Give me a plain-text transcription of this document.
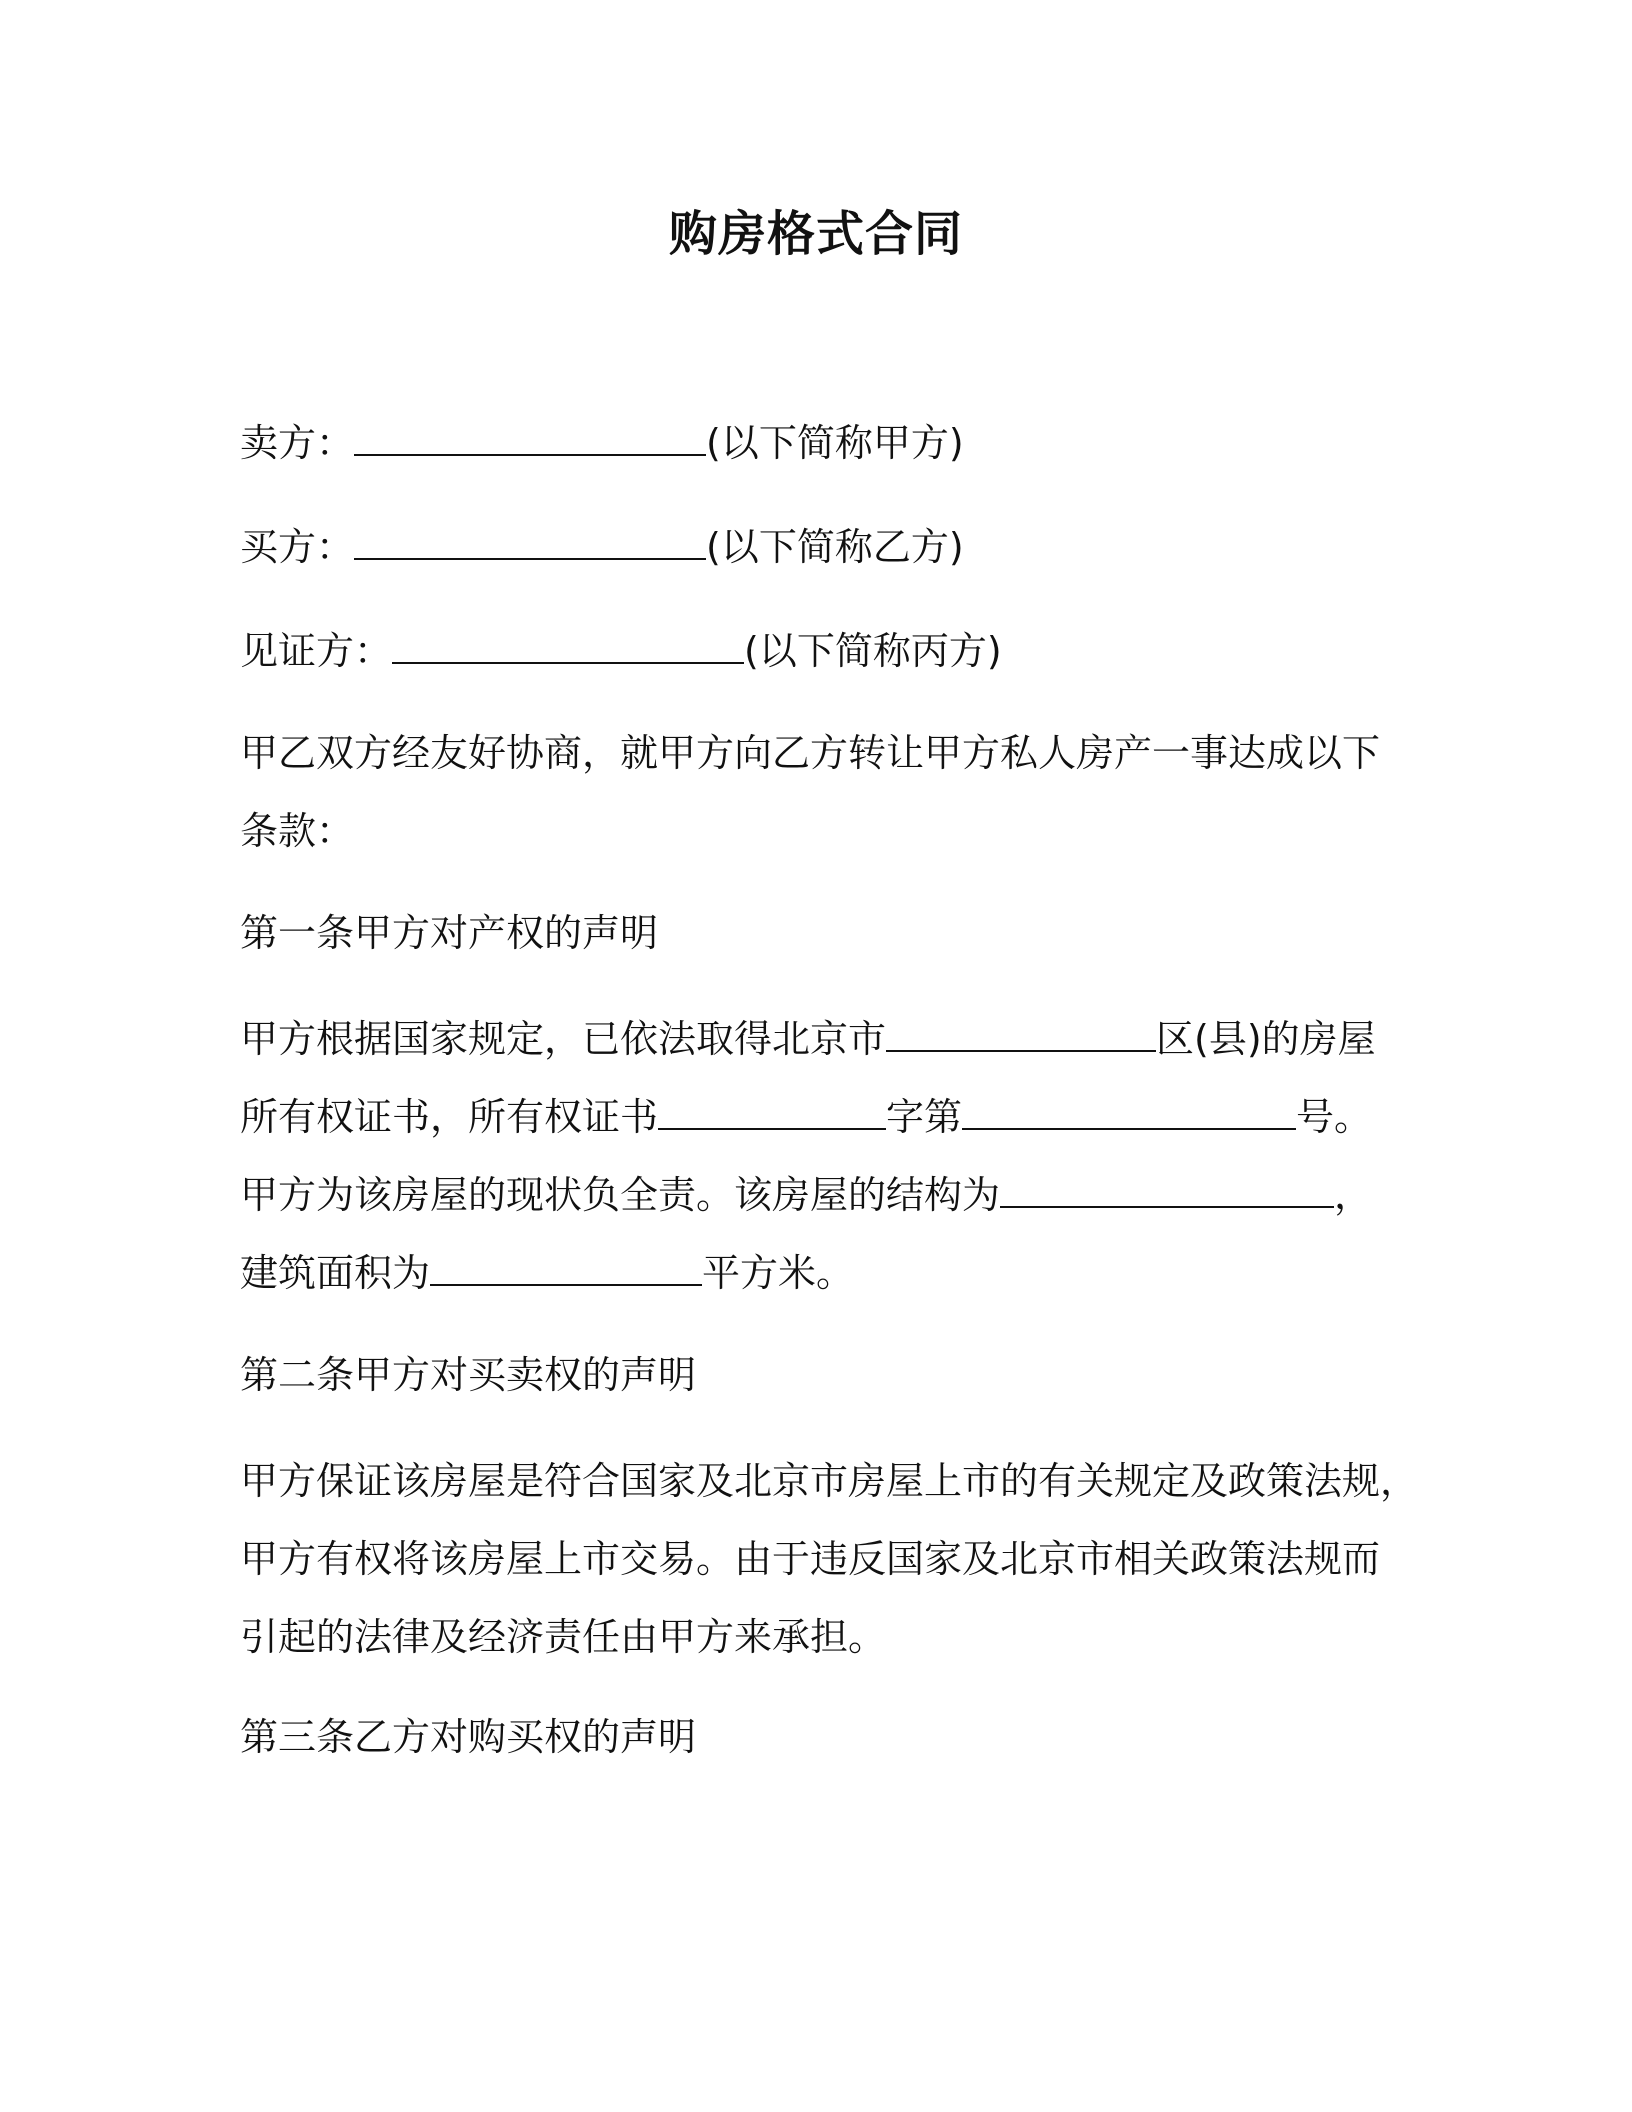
购房格式合同
卖方：	(以下简称甲方)
买方：	(以下简称乙方)
见证方：	(以下简称丙方)
甲乙双方经友好协商，就甲方向乙方转让甲方私人房产一事达成以下
条款：
第一条甲方对产权的声明
甲方根据国家规定，已依法取得北京市	区(县)的房屋
所有权证书，所有权证书	字第	号。
甲方为该房屋的现状负全责。该房屋的结构为	，
建筑面积为	平方米。
第二条甲方对买卖权的声明
甲方保证该房屋是符合国家及北京市房屋上市的有关规定及政策法规，
甲方有权将该房屋上市交易。由于违反国家及北京市相关政策法规而
引起的法律及经济责任由甲方来承担。
第三条乙方对购买权的声明
